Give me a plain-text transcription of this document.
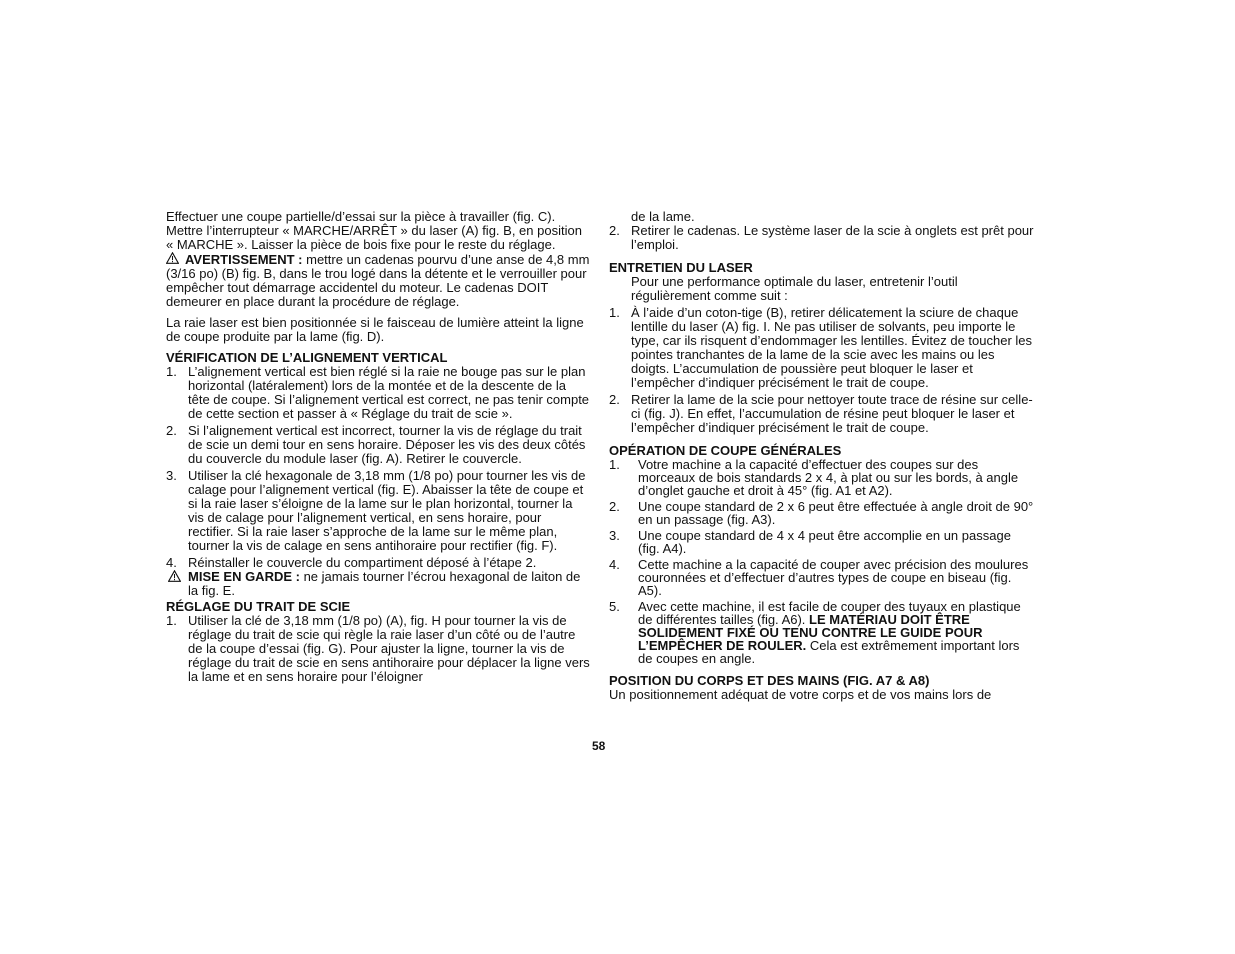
Effectuer une coupe partielle/d’essai sur la pièce à travailler (fig. C). Mettre l’interrupteur « MARCHE/ARRÊT » du laser (A) fig. B, en position « MARCHE ». Laisser la pièce de bois fixe pour le reste du réglage.

AVERTISSEMENT : mettre un cadenas pourvu d’une anse de 4,8 mm (3/16 po) (B) fig. B, dans le trou logé dans la détente et le verrouiller pour empêcher tout démarrage accidentel du moteur. Le cadenas DOIT demeurer en place durant la procédure de réglage.

La raie laser est bien positionnée si le faisceau de lumière atteint la ligne de coupe produite par la lame (fig. D).

VÉRIFICATION DE L’ALIGNEMENT VERTICAL

1. L’alignement vertical est bien réglé si la raie ne bouge pas sur le plan horizontal (latéralement) lors de la montée et de la descente de la tête de coupe. Si l’alignement vertical est correct, ne pas tenir compte de cette section et passer à « Réglage du trait de scie ».
2. Si l’alignement vertical est incorrect, tourner la vis de réglage du trait de scie un demi tour en sens horaire. Déposer les vis des deux côtés du couvercle du module laser (fig. A). Retirer le couvercle.
3. Utiliser la clé hexagonale de 3,18 mm (1/8 po) pour tourner les vis de calage pour l’alignement vertical (fig. E). Abaisser la tête de coupe et si la raie laser s’éloigne de la lame sur le plan horizontal, tourner la vis de calage pour l’alignement vertical, en sens horaire, pour rectifier. Si la raie laser s’approche de la lame sur le même plan, tourner la vis de calage en sens antihoraire pour rectifier (fig. F).
4. Réinstaller le couvercle du compartiment déposé à l’étape 2.

MISE EN GARDE : ne jamais tourner l’écrou hexagonal de laiton de la fig. E.

RÉGLAGE DU TRAIT DE SCIE

1. Utiliser la clé de 3,18 mm (1/8 po) (A), fig. H pour tourner la vis de réglage du trait de scie qui règle la raie laser d’un côté ou de l’autre de la coupe d’essai (fig. G). Pour ajuster la ligne, tourner la vis de réglage du trait de scie en sens antihoraire pour déplacer la ligne vers la lame et en sens horaire pour l’éloigner

de la lame.

2. Retirer le cadenas. Le système laser de la scie à onglets est prêt pour l’emploi.

ENTRETIEN DU LASER

Pour une performance optimale du laser, entretenir l’outil régulièrement comme suit :

1. À l’aide d’un coton-tige (B), retirer délicatement la sciure de chaque lentille du laser (A) fig. I. Ne pas utiliser de solvants, peu importe le type, car ils risquent d’endommager les lentilles. Évitez de toucher les pointes tranchantes de la lame de la scie avec les mains ou les doigts. L’accumulation de poussière peut bloquer le laser et l’empêcher d’indiquer précisément le trait de coupe.
2. Retirer la lame de la scie pour nettoyer toute trace de résine sur celle-ci (fig. J). En effet, l’accumulation de résine peut bloquer le laser et l’empêcher d’indiquer précisément le trait de coupe.

OPÉRATION DE COUPE GÉNÉRALES

1. Votre machine a la capacité d’effectuer des coupes sur des morceaux de bois standards 2 x 4, à plat ou sur les bords, à angle d’onglet gauche et droit à 45° (fig. A1 et A2).
2. Une coupe standard de 2 x 6 peut être effectuée à angle droit de 90° en un passage (fig. A3).
3. Une coupe standard de 4 x 4 peut être accomplie en un passage (fig. A4).
4. Cette machine a la capacité de couper avec précision des moulures couronnées et d’effectuer d’autres types de coupe en biseau (fig. A5).
5. Avec cette machine, il est facile de couper des tuyaux en plastique de différentes tailles (fig. A6). LE MATÉRIAU DOIT ÊTRE SOLIDEMENT FIXÉ OU TENU CONTRE LE GUIDE POUR L’EMPÊCHER DE ROULER. Cela est extrêmement important lors de coupes en angle.

POSITION DU CORPS ET DES MAINS (FIG. A7 & A8)

Un positionnement adéquat de votre corps et de vos mains lors de

58
